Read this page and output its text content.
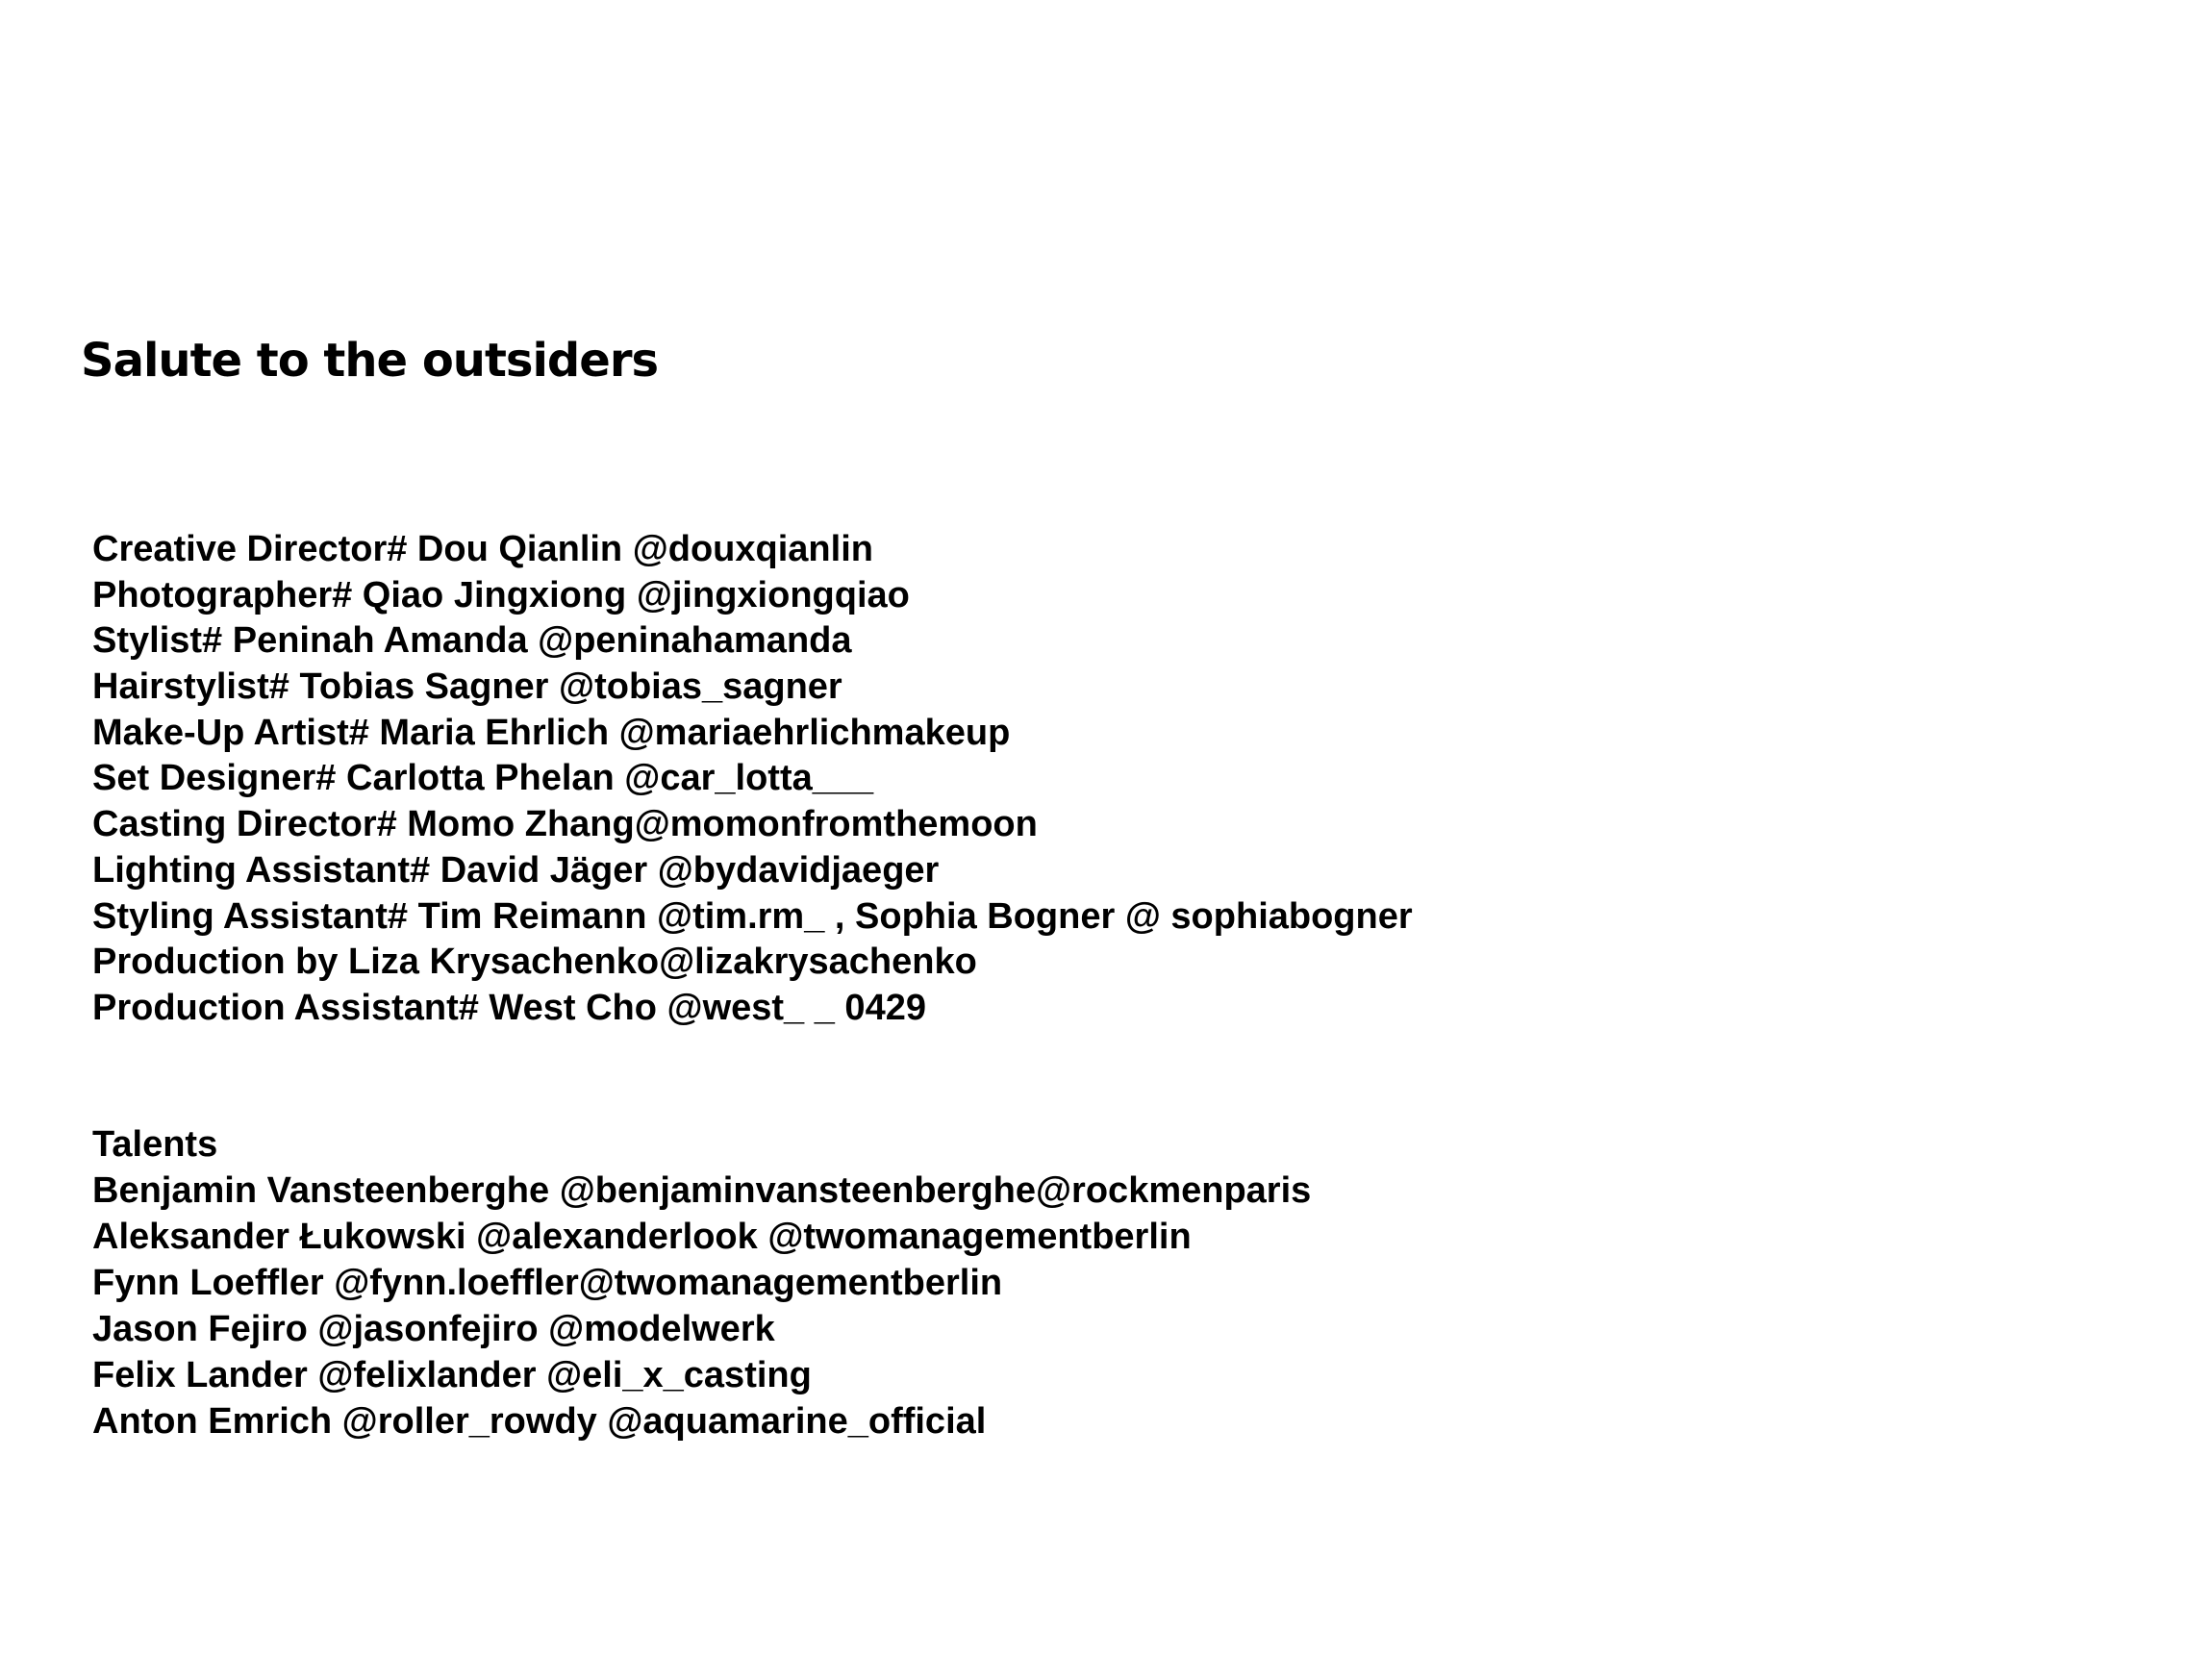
Salute to the outsiders
Creative Director# Dou Qianlin @douxqianlin
Photographer# Qiao Jingxiong @jingxiongqiao
Stylist# Peninah Amanda @peninahamanda
Hairstylist# Tobias Sagner @tobias_sagner
Make-Up Artist# Maria Ehrlich @mariaehrlichmakeup
Set Designer# Carlotta Phelan @car_lotta___
Casting Director# Momo Zhang@momonfromthemoon
Lighting Assistant# David Jäger @bydavidjaeger
Styling Assistant# Tim Reimann @tim.rm_ , Sophia Bogner @ sophiabogner
Production by Liza Krysachenko@lizakrysachenko
Production Assistant# West Cho @west_ _ 0429
Talents
Benjamin Vansteenberghe @benjaminvansteenberghe@rockmenparis
Aleksander Łukowski @alexanderlook @twomanagementberlin
Fynn Loeffler @fynn.loeffler@twomanagementberlin
Jason Fejiro @jasonfejiro @modelwerk
Felix Lander @felixlander @eli_x_casting
Anton Emrich @roller_rowdy @aquamarine_official
